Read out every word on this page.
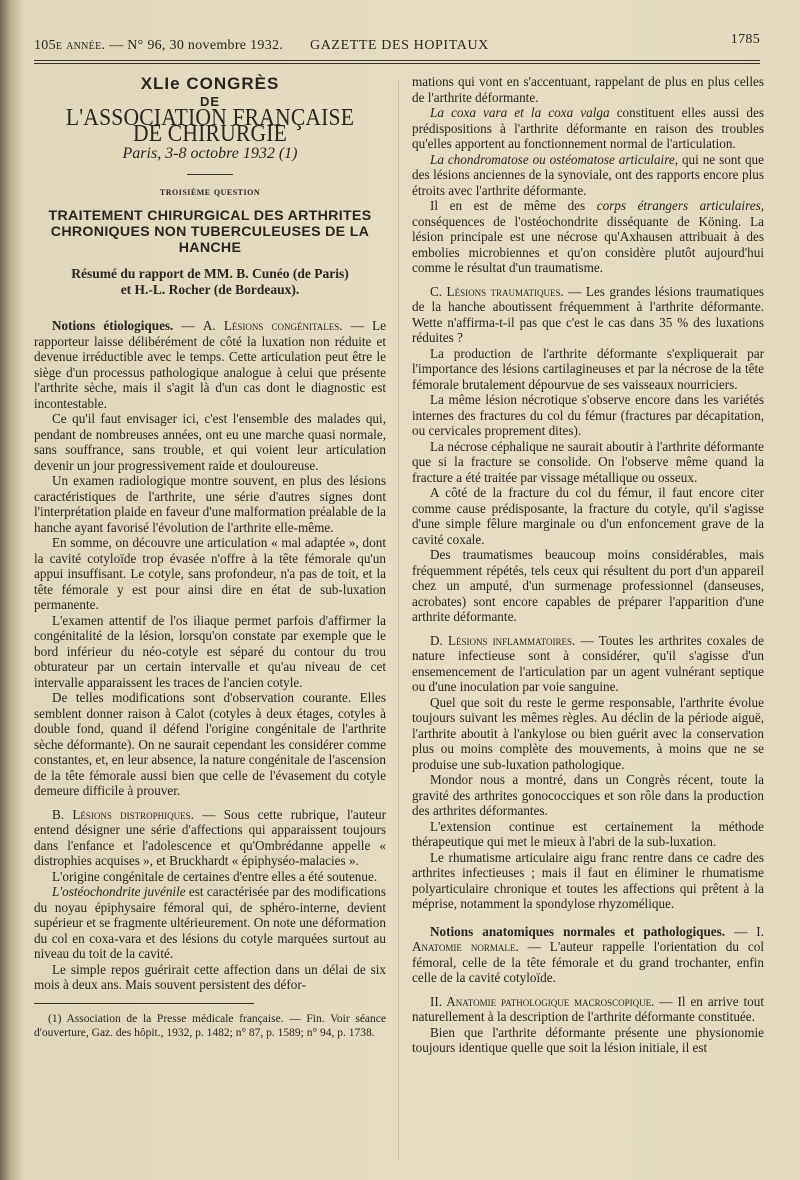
105e année. — N° 96, 30 novembre 1932. GAZETTE DES HOPITAUX	1785
XLIe CONGRÈS
DE
L'ASSOCIATION FRANÇAISE DE CHIRURGIE
Paris, 3-8 octobre 1932 (1)
troisième question
TRAITEMENT CHIRURGICAL DES ARTHRITES CHRONIQUES NON TUBERCULEUSES DE LA HANCHE
Résumé du rapport de MM. B. Cunéo (de Paris)
et H.-L. Rocher (de Bordeaux).

Notions étiologiques. — A. Lésions congénitales. — Le rapporteur laisse délibérément de côté la luxation non réduite et devenue irréductible avec le temps. Cette articulation peut être le siège d'un processus pathologique analogue à celui que présente l'arthrite sèche, mais il s'agit là d'un cas dont le diagnostic est incontestable.

Ce qu'il faut envisager ici, c'est l'ensemble des malades qui, pendant de nombreuses années, ont eu une marche quasi normale, sans souffrance, sans trouble, et qui voient leur articulation devenir un jour progressivement raide et douloureuse.

Un examen radiologique montre souvent, en plus des lésions caractéristiques de l'arthrite, une série d'autres signes dont l'interprétation plaide en faveur d'une malformation préalable de la hanche ayant favorisé l'évolution de l'arthrite elle-même.

En somme, on découvre une articulation « mal adaptée », dont la cavité cotyloïde trop évasée n'offre à la tête fémorale qu'un appui insuffisant. Le cotyle, sans profondeur, n'a pas de toit, et la tête fémorale y est pour ainsi dire en état de sub-luxation permanente.

L'examen attentif de l'os iliaque permet parfois d'affirmer la congénitalité de la lésion, lorsqu'on constate par exemple que le bord inférieur du néo-cotyle est séparé du contour du trou obturateur par un certain intervalle et qu'au niveau de cet intervalle apparaissent les traces de l'ancien cotyle.

De telles modifications sont d'observation courante. Elles semblent donner raison à Calot (cotyles à deux étages, cotyles à double fond, quand il défend l'origine congénitale de l'arthrite sèche déformante). On ne saurait cependant les considérer comme constantes, et, en leur absence, la nature congénitale de l'ascension de la tête fémorale aussi bien que celle de l'évasement du cotyle demeure difficile à prouver.

B. Lésions distrophiques. — Sous cette rubrique, l'auteur entend désigner une série d'affections qui apparaissent toujours dans l'enfance et l'adolescence et qu'Ombrédanne appelle « distrophies acquises », et Bruckhardt « épiphyséo-malacies ».

L'origine congénitale de certaines d'entre elles a été soutenue.

L'ostéochondrite juvénile est caractérisée par des modifications du noyau épiphysaire fémoral qui, de sphéro-interne, devient supérieur et se fragmente ultérieurement. On note une déformation du col en coxa-vara et des lésions du cotyle marquées surtout au niveau du toit de la cavité.

Le simple repos guérirait cette affection dans un délai de six mois à deux ans. Mais souvent persistent des défor-

(1) Association de la Presse médicale française. — Fin. Voir séance d'ouverture, Gaz. des hôpit., 1932, p. 1482; n° 87, p. 1589; n° 94, p. 1738.

mations qui vont en s'accentuant, rappelant de plus en plus celles de l'arthrite déformante.

La coxa vara et la coxa valga constituent elles aussi des prédispositions à l'arthrite déformante en raison des troubles qu'elles apportent au fonctionnement normal de l'articulation.

La chondromatose ou ostéomatose articulaire, qui ne sont que des lésions anciennes de la synoviale, ont des rapports encore plus étroits avec l'arthrite déformante.

Il en est de même des corps étrangers articulaires, conséquences de l'ostéochondrite disséquante de Köning. La lésion principale est une nécrose qu'Axhausen attribuait à des embolies microbiennes et qu'on considère plutôt aujourd'hui comme le résultat d'un traumatisme.

C. Lésions traumatiques. — Les grandes lésions traumatiques de la hanche aboutissent fréquemment à l'arthrite déformante. Wette n'affirma-t-il pas que c'est le cas dans 35 % des luxations réduites ?

La production de l'arthrite déformante s'expliquerait par l'importance des lésions cartilagineuses et par la nécrose de la tête fémorale brutalement dépourvue de ses vaisseaux nourriciers.

La même lésion nécrotique s'observe encore dans les variétés internes des fractures du col du fémur (fractures par décapitation, ou cervicales proprement dites).

La nécrose céphalique ne saurait aboutir à l'arthrite déformante que si la fracture se consolide. On l'observe même quand la fracture a été traitée par vissage métallique ou osseux.

A côté de la fracture du col du fémur, il faut encore citer comme cause prédisposante, la fracture du cotyle, qu'il s'agisse d'une simple fêlure marginale ou d'un enfoncement grave de la cavité coxale.

Des traumatismes beaucoup moins considérables, mais fréquemment répétés, tels ceux qui résultent du port d'un appareil chez un amputé, d'un surmenage professionnel (danseuses, acrobates) sont encore capables de préparer l'apparition d'une arthrite déformante.

D. Lésions inflammatoires. — Toutes les arthrites coxales de nature infectieuse sont à considérer, qu'il s'agisse d'un ensemencement de l'articulation par un agent vulnérant septique ou d'une inoculation par voie sanguine.

Quel que soit du reste le germe responsable, l'arthrite évolue toujours suivant les mêmes règles. Au déclin de la période aiguë, l'arthrite aboutit à l'ankylose ou bien guérit avec la conservation plus ou moins complète des mouvements, à moins que ne se produise une sub-luxation pathologique.

Mondor nous a montré, dans un Congrès récent, toute la gravité des arthrites gonococciques et son rôle dans la production des arthrites déformantes.

L'extension continue est certainement la méthode thérapeutique qui met le mieux à l'abri de la sub-luxation.

Le rhumatisme articulaire aigu franc rentre dans ce cadre des arthrites infectieuses ; mais il faut en éliminer le rhumatisme polyarticulaire chronique et toutes les affections qui prêtent à la méprise, notamment la spondylose rhyzomélique.

Notions anatomiques normales et pathologiques. — I. Anatomie normale. — L'auteur rappelle l'orientation du col fémoral, celle de la tête fémorale et du grand trochanter, enfin celle de la cavité cotyloïde.

II. Anatomie pathologique macroscopique. — Il en arrive tout naturellement à la description de l'arthrite déformante constituée.

Bien que l'arthrite déformante présente une physionomie toujours identique quelle que soit la lésion initiale, il est
